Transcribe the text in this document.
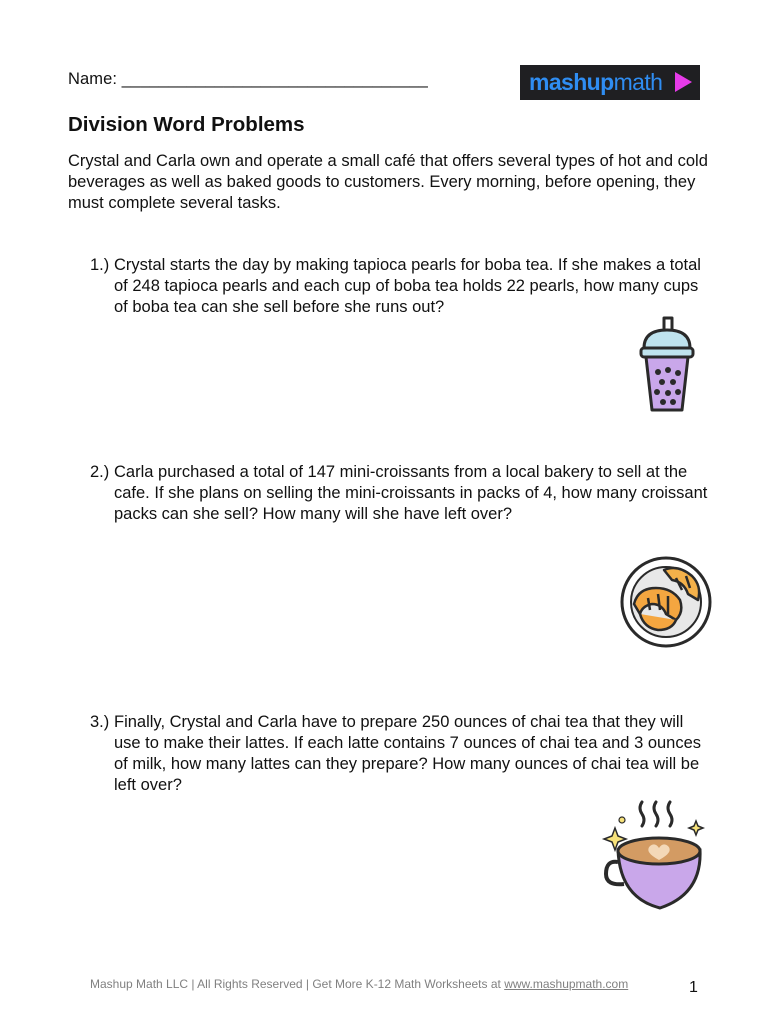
Name: _________________________________	mashupmath
Division Word Problems

Crystal and Carla own and operate a small café that offers several types of hot and cold beverages as well as baked goods to customers. Every morning, before opening, they must complete several tasks.

1.) Crystal starts the day by making tapioca pearls for boba tea. If she makes a total of 248 tapioca pearls and each cup of boba tea holds 22 pearls, how many cups of boba tea can she sell before she runs out?
2.) Carla purchased a total of 147 mini-croissants from a local bakery to sell at the cafe. If she plans on selling the mini-croissants in packs of 4, how many croissant packs can she sell? How many will she have left over?
3.) Finally, Crystal and Carla have to prepare 250 ounces of chai tea that they will use to make their lattes. If each latte contains 7 ounces of chai tea and 3 ounces of milk, how many lattes can they prepare? How many ounces of chai tea will be left over?
Mashup Math LLC | All Rights Reserved | Get More K-12 Math Worksheets at www.mashupmath.com	1
